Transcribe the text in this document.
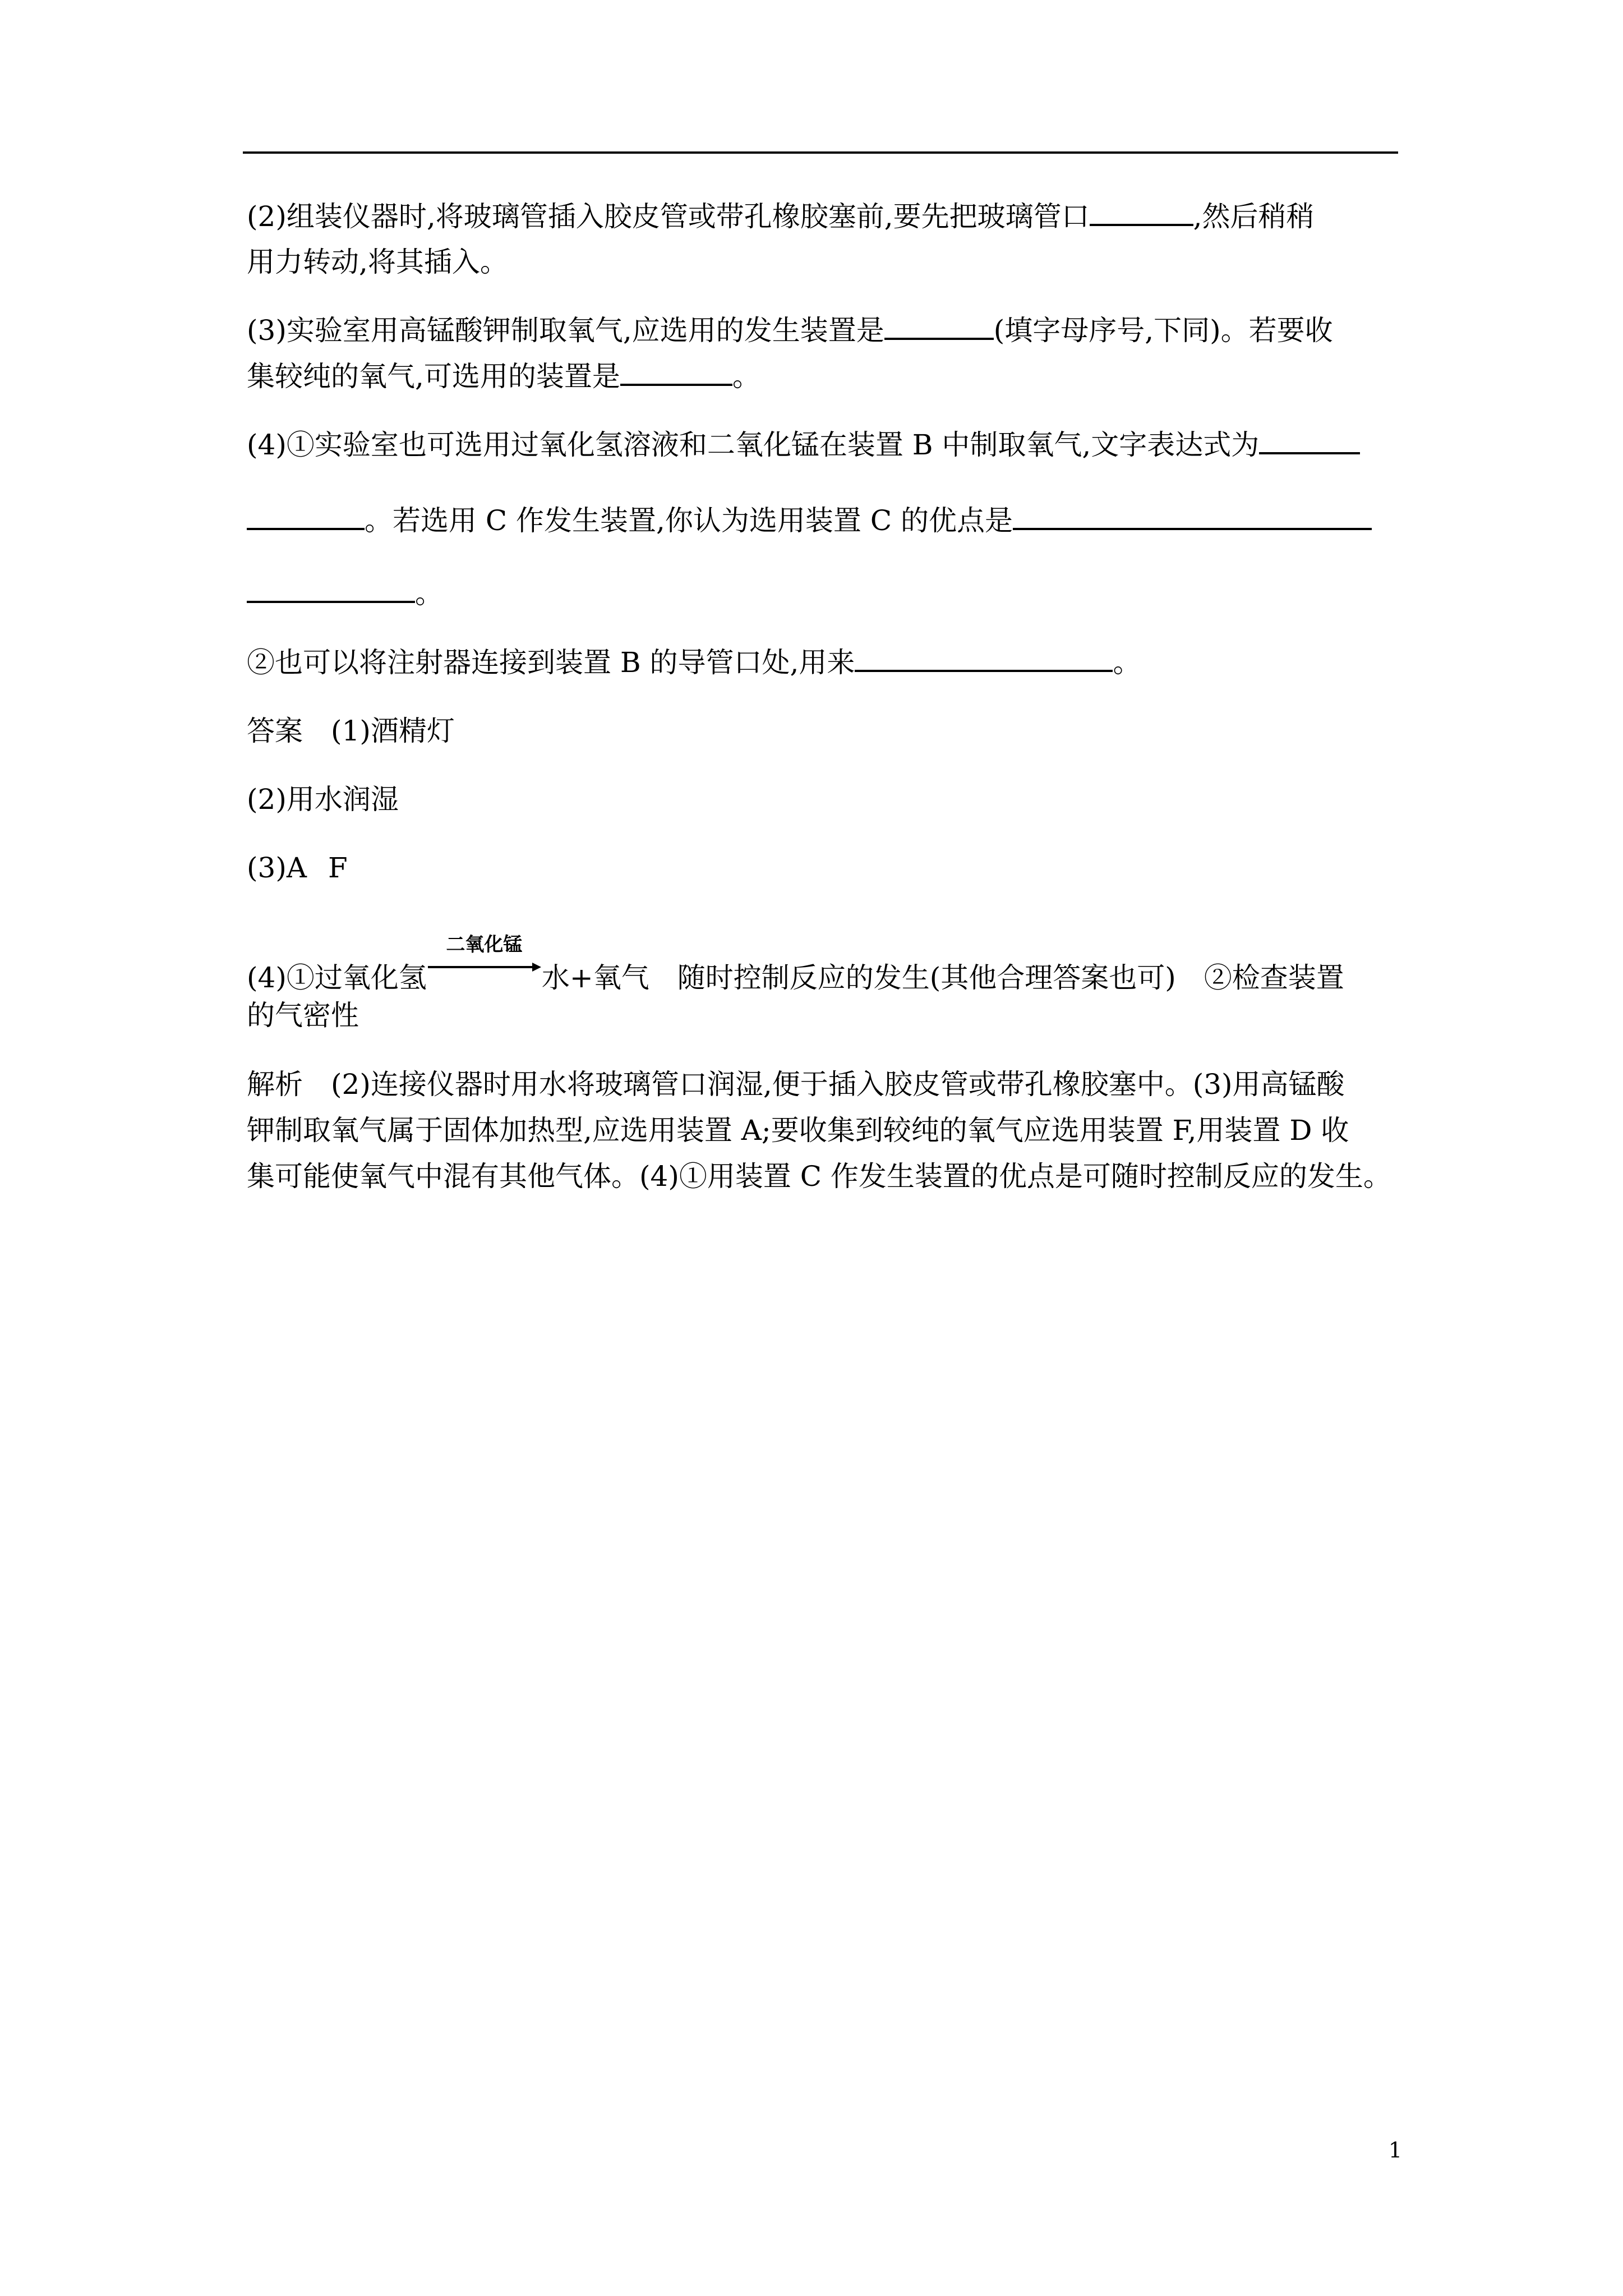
(2)组装仪器时,将玻璃管插入胶皮管或带孔橡胶塞前,要先把玻璃管口	,然后稍稍
用力转动,将其插入。
(3)实验室用高锰酸钾制取氧气,应选用的发生装置是	(填字母序号,下同)。若要收
集较纯的氧气,可选用的装置是	。
(4)①实验室也可选用过氧化氢溶液和二氧化锰在装置 B 中制取氧气,文字表达式为
。若选用 C 作发生装置,你认为选用装置 C 的优点是
。
②也可以将注射器连接到装置 B 的导管口处,用来	。
答案 (1)酒精灯
(2)用水润湿
(3)A F
(4)①过氧化氢
二氧化锰
水+氧气 随时控制反应的发生(其他合理答案也可) ②检查装置
的气密性
解析 (2)连接仪器时用水将玻璃管口润湿,便于插入胶皮管或带孔橡胶塞中。(3)用高锰酸
钾制取氧气属于固体加热型,应选用装置 A;要收集到较纯的氧气应选用装置 F,用装置 D 收
集可能使氧气中混有其他气体。(4)①用装置 C 作发生装置的优点是可随时控制反应的发生。
1
